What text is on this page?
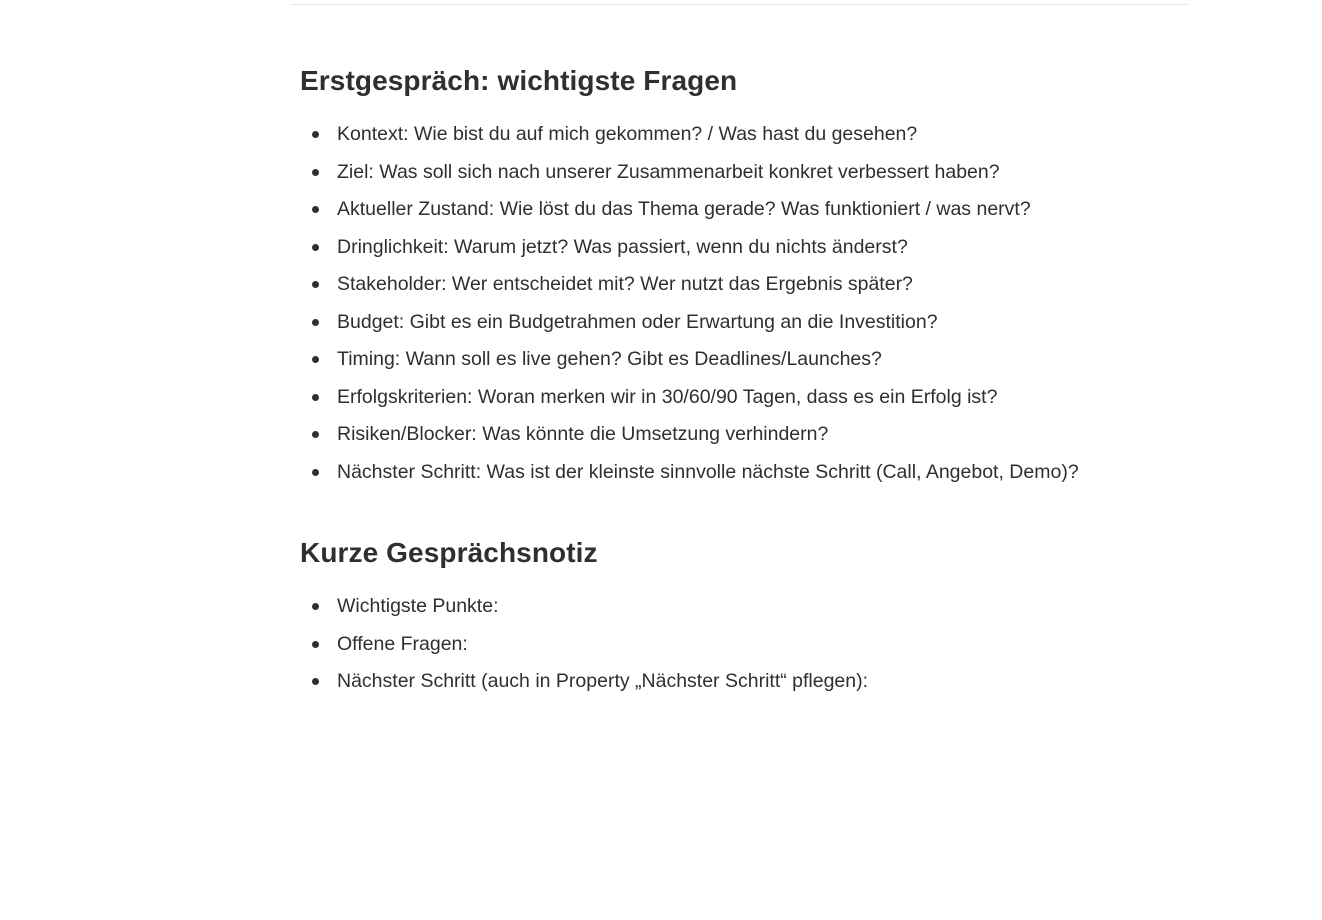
Erstgespräch: wichtigste Fragen
Kontext: Wie bist du auf mich gekommen? / Was hast du gesehen?
Ziel: Was soll sich nach unserer Zusammenarbeit konkret verbessert haben?
Aktueller Zustand: Wie löst du das Thema gerade? Was funktioniert / was nervt?
Dringlichkeit: Warum jetzt? Was passiert, wenn du nichts änderst?
Stakeholder: Wer entscheidet mit? Wer nutzt das Ergebnis später?
Budget: Gibt es ein Budgetrahmen oder Erwartung an die Investition?
Timing: Wann soll es live gehen? Gibt es Deadlines/Launches?
Erfolgskriterien: Woran merken wir in 30/60/90 Tagen, dass es ein Erfolg ist?
Risiken/Blocker: Was könnte die Umsetzung verhindern?
Nächster Schritt: Was ist der kleinste sinnvolle nächste Schritt (Call, Angebot, Demo)?
Kurze Gesprächsnotiz
Wichtigste Punkte:
Offene Fragen:
Nächster Schritt (auch in Property „Nächster Schritt“ pflegen):
